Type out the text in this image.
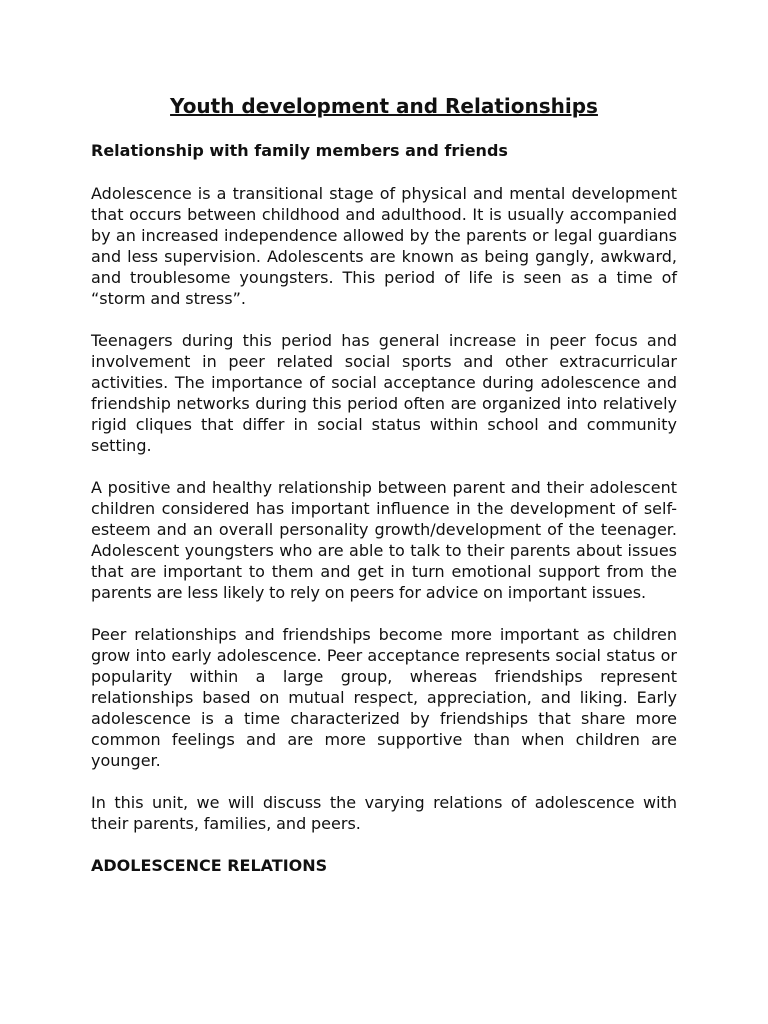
Youth development and Relationships
Relationship with family members and friends

Adolescence is a transitional stage of physical and mental development that occurs between childhood and adulthood. It is usually accompanied by an increased independence allowed by the parents or legal guardians and less supervision. Adolescents are known as being gangly, awkward, and troublesome youngsters. This period of life is seen as a time of “storm and stress”.

Teenagers during this period has general increase in peer focus and involvement in peer related social sports and other extracurricular activities. The importance of social acceptance during adolescence and friendship networks during this period often are organized into relatively rigid cliques that differ in social status within school and community setting.

A positive and healthy relationship between parent and their adolescent children considered has important influence in the development of self-esteem and an overall personality growth/development of the teenager. Adolescent youngsters who are able to talk to their parents about issues that are important to them and get in turn emotional support from the parents are less likely to rely on peers for advice on important issues.

Peer relationships and friendships become more important as children grow into early adolescence. Peer acceptance represents social status or popularity within a large group, whereas friendships represent relationships based on mutual respect, appreciation, and liking. Early adolescence is a time characterized by friendships that share more common feelings and are more supportive than when children are younger.

In this unit, we will discuss the varying relations of adolescence with their parents, families, and peers.

ADOLESCENCE RELATIONS
